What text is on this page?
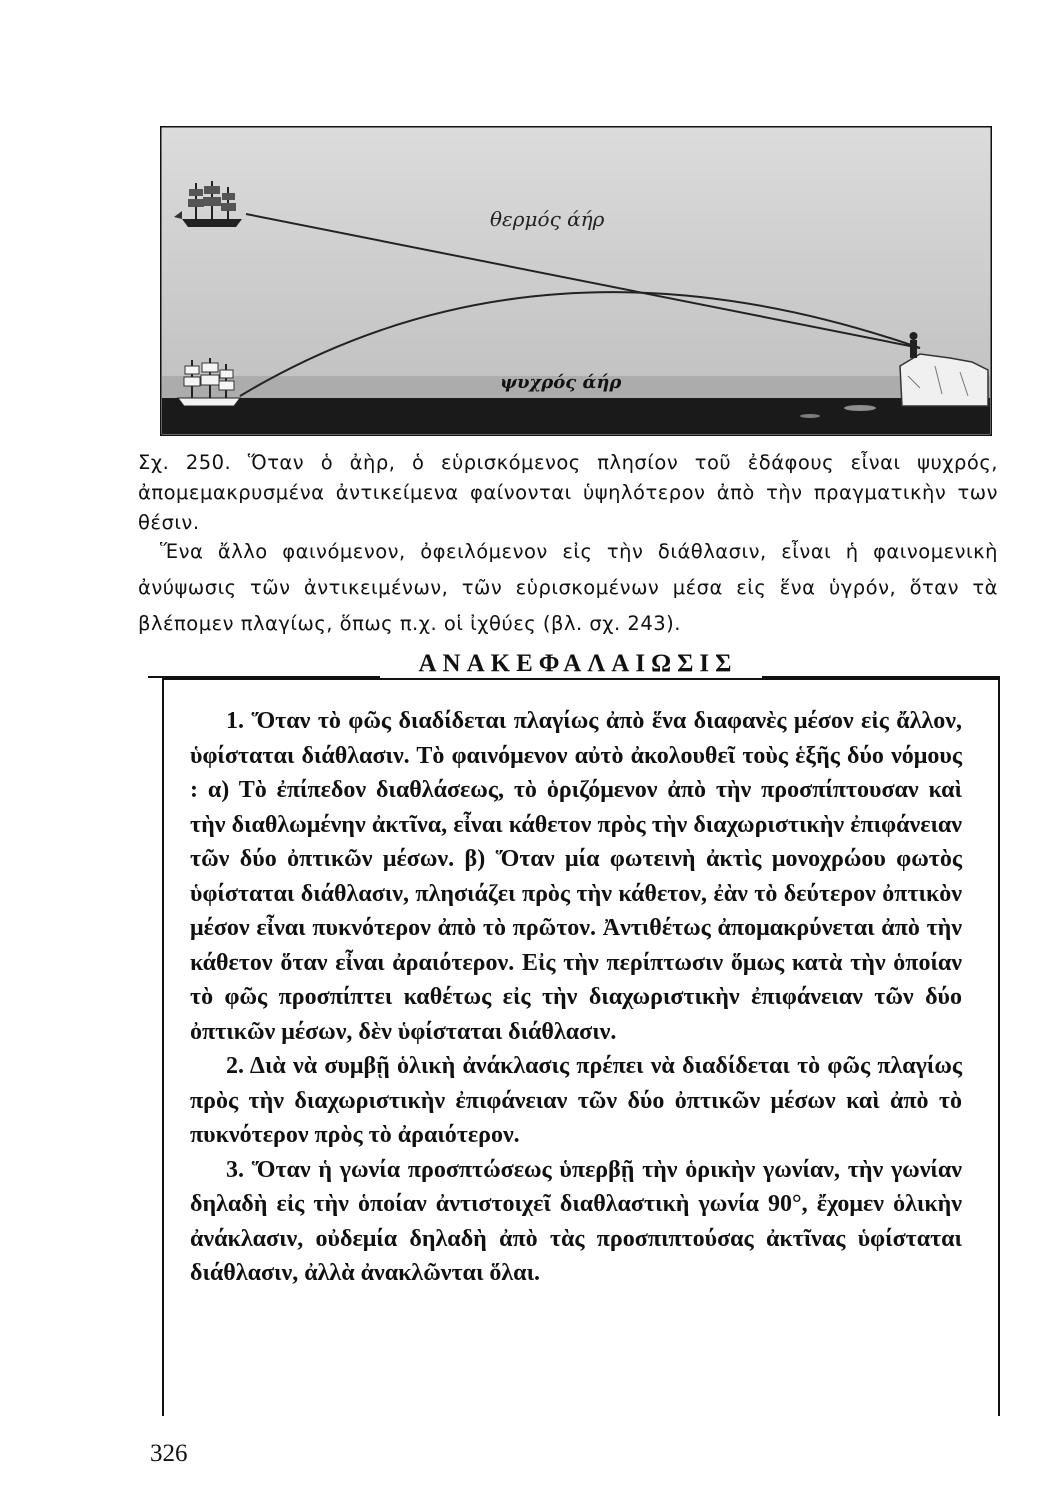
θερμός άήρ
ψυχρός άήρ

Σχ. 250. Ὅταν ὁ ἀὴρ, ὁ εὑρισκόμενος πλησίον τοῦ ἐδάφους εἶναι ψυχρός, ἀπομεμακρυσμένα ἀντικείμενα φαίνονται ὑψηλότερον ἀπὸ τὴν πραγματικὴν των θέσιν.

Ἕνα ἄλλο φαινόμενον, ὀφειλόμενον εἰς τὴν διάθλασιν, εἶναι ἡ φαινομενικὴ ἀνύψωσις τῶν ἀντικειμένων, τῶν εὑρισκομένων μέσα εἰς ἕνα ὑγρόν, ὅταν τὰ βλέπομεν πλαγίως, ὅπως π.χ. οἱ ἰχθύες (βλ. σχ. 243).

ΑΝΑΚΕΦΑΛΑΙΩΣΙΣ

1. Ὅταν τὸ φῶς διαδίδεται πλαγίως ἀπὸ ἕνα διαφανὲς μέσον εἰς ἄλλον, ὑφίσταται διάθλασιν. Τὸ φαινόμενον αὐτὸ ἀκολουθεῖ τοὺς ἑξῆς δύο νόμους : α) Τὸ ἐπίπεδον διαθλάσεως, τὸ ὁριζόμενον ἀπὸ τὴν προσπίπτουσαν καὶ τὴν διαθλωμένην ἀκτῖνα, εἶναι κάθετον πρὸς τὴν διαχωριστικὴν ἐπιφάνειαν τῶν δύο ὀπτικῶν μέσων. β) Ὅταν μία φωτεινὴ ἀκτὶς μονοχρώου φωτὸς ὑφίσταται διάθλασιν, πλησιάζει πρὸς τὴν κάθετον, ἐὰν τὸ δεύτερον ὀπτικὸν μέσον εἶναι πυκνότερον ἀπὸ τὸ πρῶτον. Ἀντιθέτως ἀπομακρύνεται ἀπὸ τὴν κάθετον ὅταν εἶναι ἀραιότερον. Εἰς τὴν περίπτωσιν ὅμως κατὰ τὴν ὁποίαν τὸ φῶς προσπίπτει καθέτως εἰς τὴν διαχωριστικὴν ἐπιφάνειαν τῶν δύο ὀπτικῶν μέσων, δὲν ὑφίσταται διάθλασιν.

2. Διὰ νὰ συμβῇ ὁλικὴ ἀνάκλασις πρέπει νὰ διαδίδεται τὸ φῶς πλαγίως πρὸς τὴν διαχωριστικὴν ἐπιφάνειαν τῶν δύο ὀπτικῶν μέσων καὶ ἀπὸ τὸ πυκνότερον πρὸς τὸ ἀραιότερον.

3. Ὅταν ἡ γωνία προσπτώσεως ὑπερβῇ τὴν ὁρικὴν γωνίαν, τὴν γωνίαν δηλαδὴ εἰς τὴν ὁποίαν ἀντιστοιχεῖ διαθλαστικὴ γωνία 90°, ἔχομεν ὁλικὴν ἀνάκλασιν, οὐδεμία δηλαδὴ ἀπὸ τὰς προσπιπτούσας ἀκτῖνας ὑφίσταται διάθλασιν, ἀλλὰ ἀνακλῶνται ὅλαι.

326
